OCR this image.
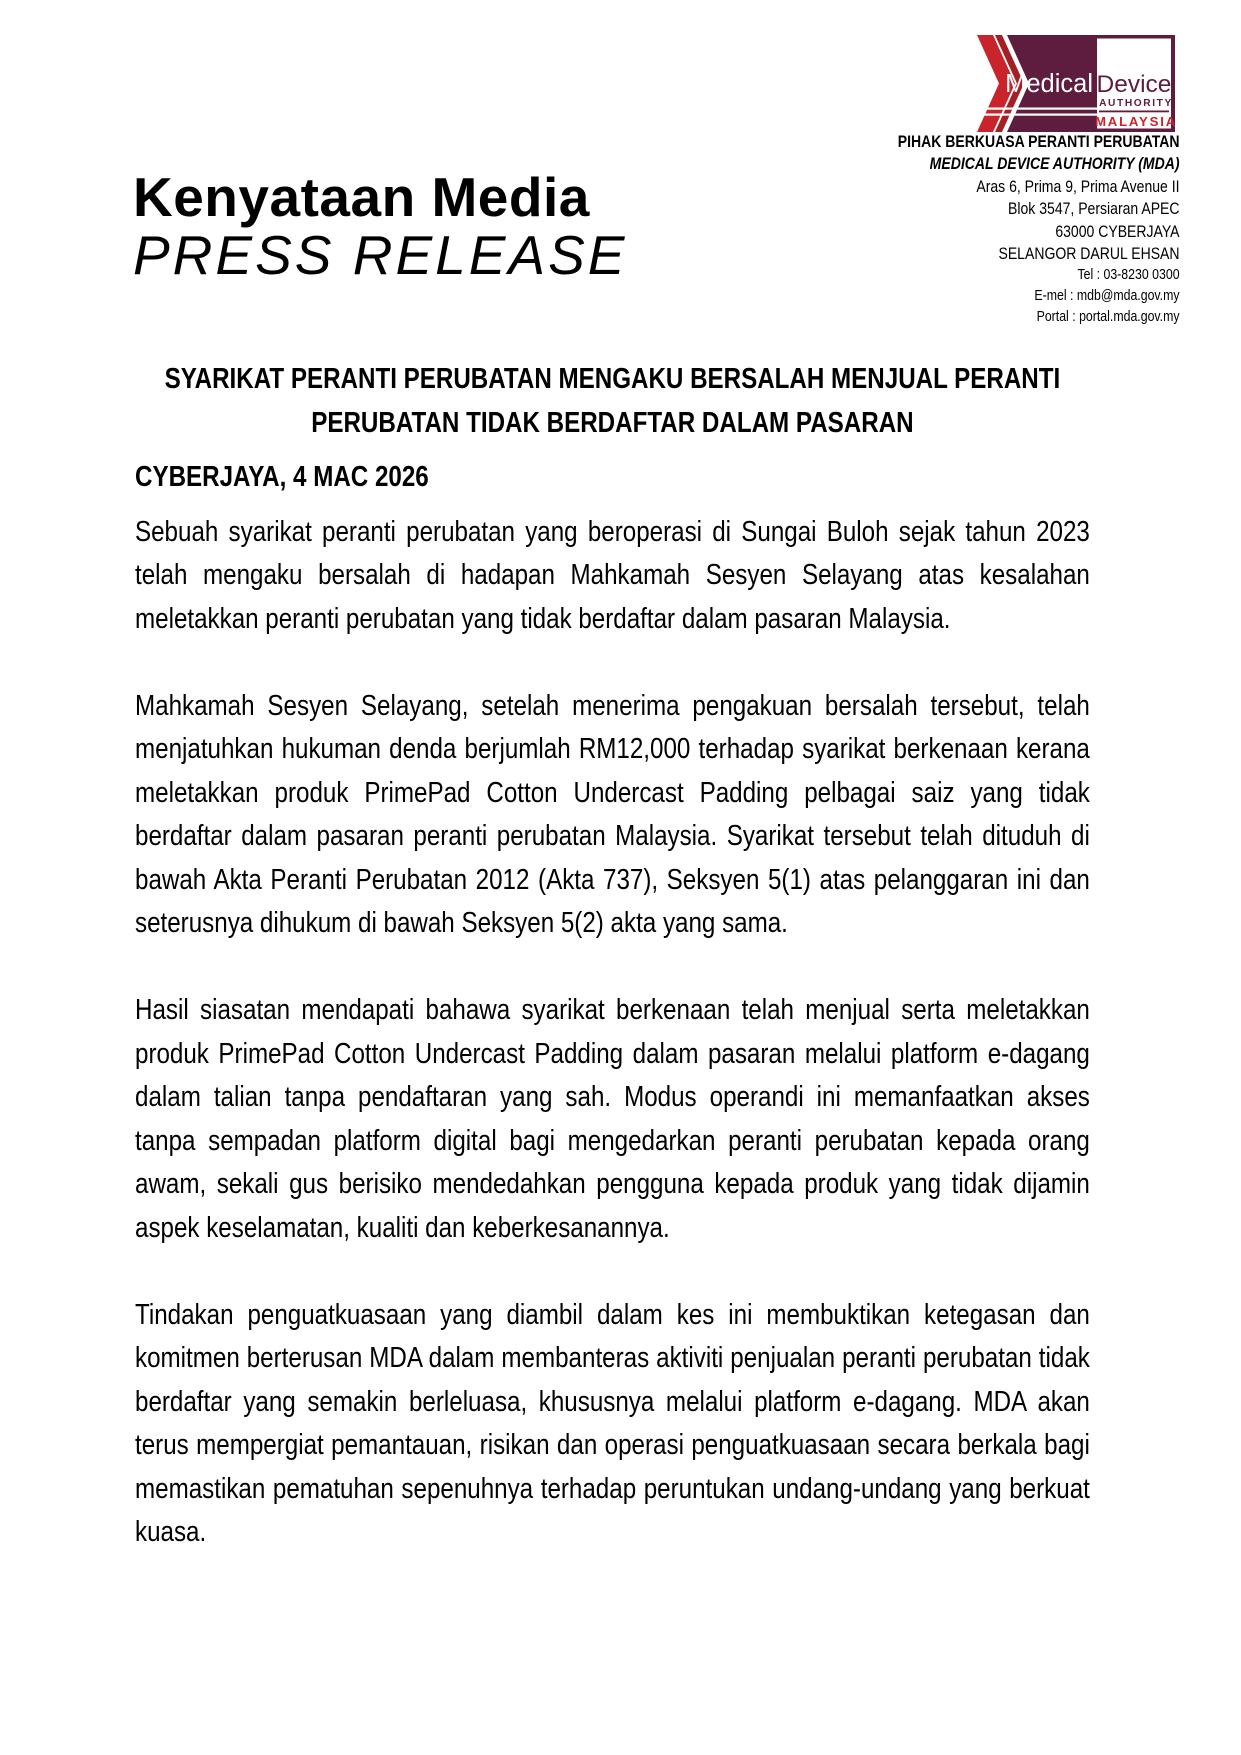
Kenyataan Media
PRESS RELEASE
Medical Device
AUTHORITY
MALAYSIA
PIHAK BERKUASA PERANTI PERUBATAN
MEDICAL DEVICE AUTHORITY (MDA)
Aras 6, Prima 9, Prima Avenue II
Blok 3547, Persiaran APEC
63000 CYBERJAYA
SELANGOR DARUL EHSAN
Tel : 03-8230 0300
E-mel : mdb@mda.gov.my
Portal : portal.mda.gov.my
SYARIKAT PERANTI PERUBATAN MENGAKU BERSALAH MENJUAL PERANTI PERUBATAN TIDAK BERDAFTAR DALAM PASARAN
CYBERJAYA, 4 MAC 2026

Sebuah syarikat peranti perubatan yang beroperasi di Sungai Buloh sejak tahun 2023 telah mengaku bersalah di hadapan Mahkamah Sesyen Selayang atas kesalahan meletakkan peranti perubatan yang tidak berdaftar dalam pasaran Malaysia.

Mahkamah Sesyen Selayang, setelah menerima pengakuan bersalah tersebut, telah menjatuhkan hukuman denda berjumlah RM12,000 terhadap syarikat berkenaan kerana meletakkan produk PrimePad Cotton Undercast Padding pelbagai saiz yang tidak berdaftar dalam pasaran peranti perubatan Malaysia. Syarikat tersebut telah dituduh di bawah Akta Peranti Perubatan 2012 (Akta 737), Seksyen 5(1) atas pelanggaran ini dan seterusnya dihukum di bawah Seksyen 5(2) akta yang sama.

Hasil siasatan mendapati bahawa syarikat berkenaan telah menjual serta meletakkan produk PrimePad Cotton Undercast Padding dalam pasaran melalui platform e-dagang dalam talian tanpa pendaftaran yang sah. Modus operandi ini memanfaatkan akses tanpa sempadan platform digital bagi mengedarkan peranti perubatan kepada orang awam, sekali gus berisiko mendedahkan pengguna kepada produk yang tidak dijamin aspek keselamatan, kualiti dan keberkesanannya.

Tindakan penguatkuasaan yang diambil dalam kes ini membuktikan ketegasan dan komitmen berterusan MDA dalam membanteras aktiviti penjualan peranti perubatan tidak berdaftar yang semakin berleluasa, khususnya melalui platform e-dagang. MDA akan terus mempergiat pemantauan, risikan dan operasi penguatkuasaan secara berkala bagi memastikan pematuhan sepenuhnya terhadap peruntukan undang-undang yang berkuat kuasa.
